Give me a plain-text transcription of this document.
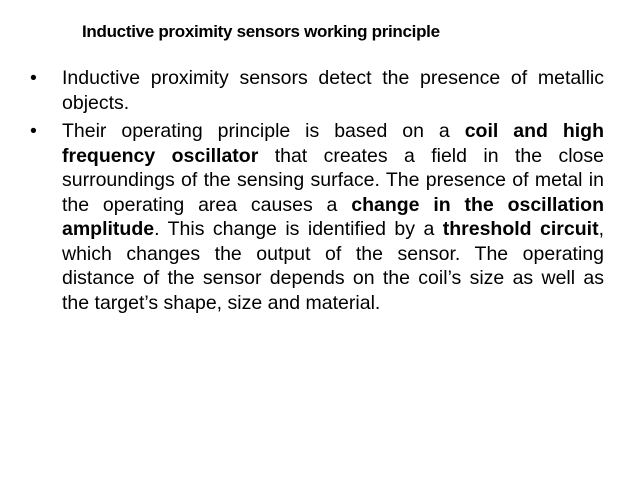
Inductive proximity sensors working principle
• Inductive proximity sensors detect the presence of metallic objects.
• Their operating principle is based on a coil and high frequency oscillator that creates a field in the close surroundings of the sensing surface. The presence of metal in the operating area causes a change in the oscillation amplitude. This change is identified by a threshold circuit, which changes the output of the sensor. The operating distance of the sensor depends on the coil’s size as well as the target’s shape, size and material.
